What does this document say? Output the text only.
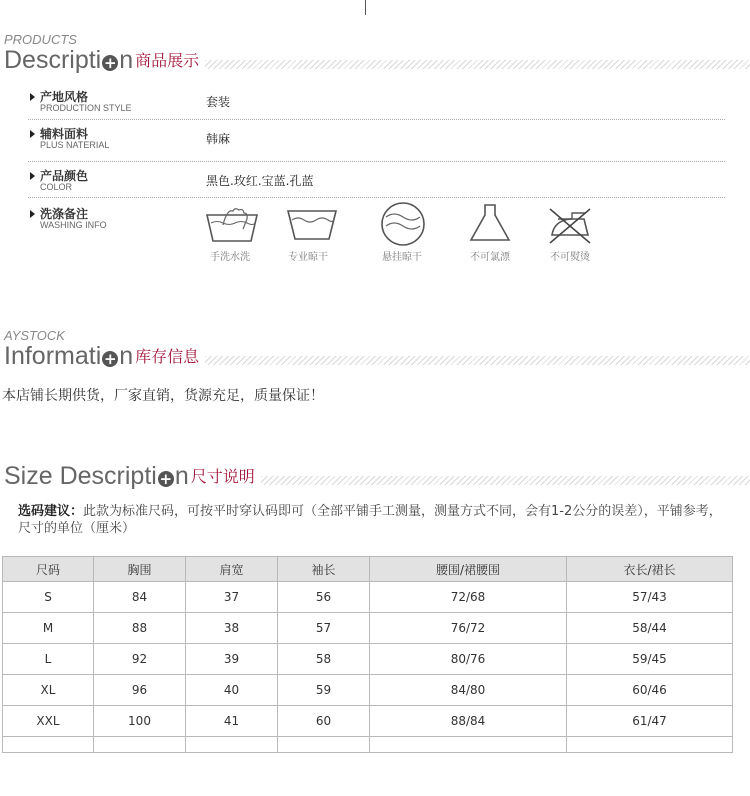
PRODUCTS
Descripti + n 商品展示
产地风格
PRODUCTION STYLE	套装
辅料面料
PLUS NATERIAL	韩麻
产品颜色
COLOR	黑色.玫红.宝蓝.孔蓝
洗涤备注
WASHING INFO
手洗水洗	专业晾干	悬挂晾干	不可氯漂	不可熨烫
AYSTOCK
Informati + n 库存信息
本店铺长期供货，厂家直销，货源充足，质量保证！
Size Descripti + n 尺寸说明
选码建议：此款为标准尺码，可按平时穿认码即可（全部平铺手工测量，测量方式不同，会有1-2公分的误差），平铺参考，尺寸的单位（厘米）
尺码	胸围	肩宽	袖长	腰围/裙腰围	衣长/裙长
S	84	37	56	72/68	57/43
M	88	38	57	76/72	58/44
L	92	39	58	80/76	59/45
XL	96	40	59	84/80	60/46
XXL	100	41	60	88/84	61/47
